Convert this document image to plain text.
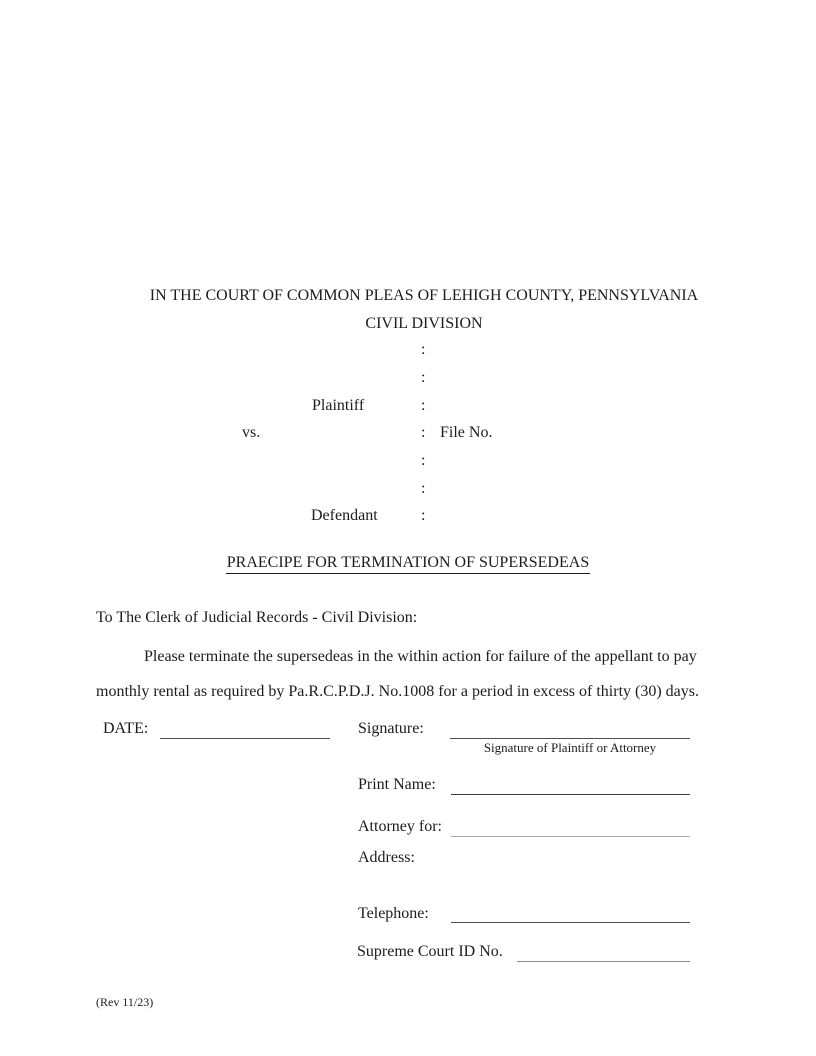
IN THE COURT OF COMMON PLEAS OF LEHIGH COUNTY, PENNSYLVANIA
CIVIL DIVISION
:
:
Plaintiff	:
vs.	: File No.
:
:
Defendant	:
PRAECIPE FOR TERMINATION OF SUPERSEDEAS
To The Clerk of Judicial Records - Civil Division:
Please terminate the supersedeas in the within action for failure of the appellant to pay monthly rental as required by Pa.R.C.P.D.J. No.1008 for a period in excess of thirty (30) days.
DATE:	Signature:
Signature of Plaintiff or Attorney
Print Name:
Attorney for:
Address:
Telephone:
Supreme Court ID No.
(Rev 11/23)
